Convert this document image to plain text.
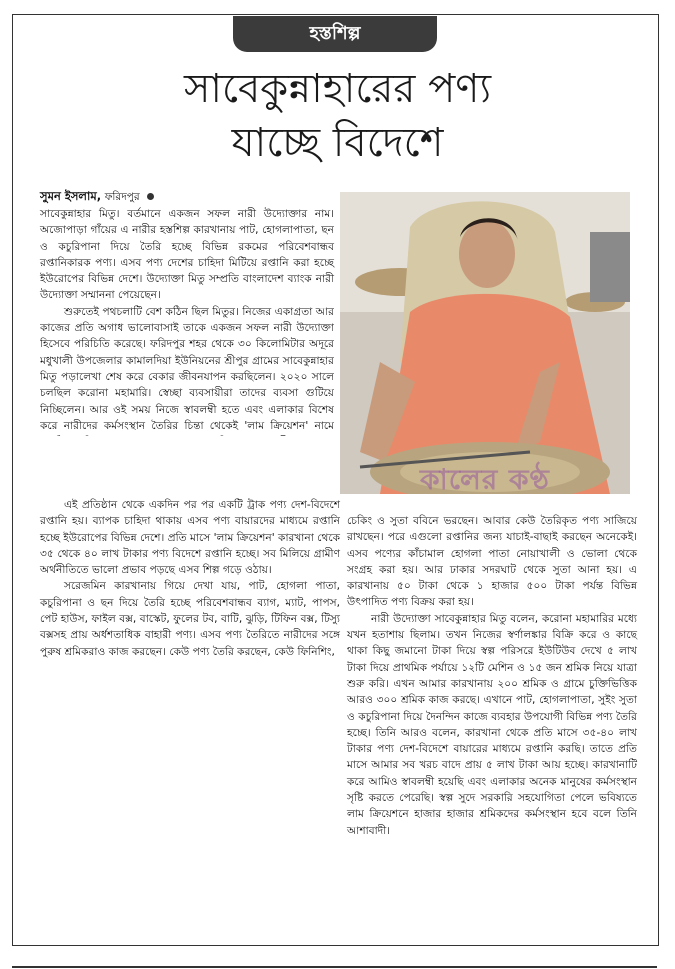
হস্তশিল্প
সাবেকুন্নাহারের পণ্য
যাচ্ছে বিদেশে
সুমন ইসলাম, ফরিদপুর

সাবেকুন্নাহার মিতু। বর্তমানে একজন সফল নারী উদ্যোক্তার নাম। অজোপাড়া গাঁয়ের এ নারীর হস্তশিল্প কারখানায় পাট, হোগলাপাতা, ছন ও কচুরিপানা দিয়ে তৈরি হচ্ছে বিভিন্ন রকমের পরিবেশবান্ধব রপ্তানিকারক পণ্য। এসব পণ্য দেশের চাহিদা মিটিয়ে রপ্তানি করা হচ্ছে ইউরোপের বিভিন্ন দেশে। উদ্যোক্তা মিতু সম্প্রতি বাংলাদেশ ব্যাংক নারী উদ্যোক্তা সম্মাননা পেয়েছেন।

শুরুতেই পথচলাটি বেশ কঠিন ছিল মিতুর। নিজের একাগ্রতা আর কাজের প্রতি অগাধ ভালোবাসাই তাকে একজন সফল নারী উদ্যোক্তা হিসেবে পরিচিতি করেছে। ফরিদপুর শহর থেকে ৩০ কিলোমিটার অদূরে মধুখালী উপজেলার কামালদিয়া ইউনিয়নের শ্রীপুর গ্রামের সাবেকুন্নাহার মিতু পড়ালেখা শেষ করে বেকার জীবনযাপন করছিলেন। ২০২০ সালে চলছিল করোনা মহামারি। স্বেচ্ছা ব্যবসায়ীরা তাদের ব্যবসা গুটিয়ে নিচ্ছিলেন। আর ওই সময় নিজে স্বাবলম্বী হতে এবং এলাকার বিশেষ করে নারীদের কর্মসংস্থান তৈরির চিন্তা থেকেই 'লাম ক্রিয়েশন' নামে

কালের কণ্ঠ

এই প্রতিষ্ঠান থেকে একদিন পর পর একটি ট্রাক পণ্য দেশ-বিদেশে রপ্তানি হয়। ব্যাপক চাহিদা থাকায় এসব পণ্য বায়ারদের মাধ্যমে রপ্তানি হচ্ছে ইউরোপের বিভিন্ন দেশে। প্রতি মাসে 'লাম ক্রিয়েশন' কারখানা থেকে ৩৫ থেকে ৪০ লাখ টাকার পণ্য বিদেশে রপ্তানি হচ্ছে। সব মিলিয়ে গ্রামীণ অর্থনীতিতে ভালো প্রভাব পড়ছে এসব শিল্প গড়ে ওঠায়।

সরেজমিন কারখানায় গিয়ে দেখা যায়, পাট, হোগলা পাতা, কচুরিপানা ও ছন দিয়ে তৈরি হচ্ছে পরিবেশবান্ধব ব্যাগ, ম্যাট, পাপস, পেট হাউস, ফাইল বক্স, বাস্কেট, ফুলের টব, বাটি, ঝুড়ি, টিফিন বক্স, টিস্যু বক্সসহ প্রায় অর্ধশতাধিক বাহারী পণ্য। এসব পণ্য তৈরিতে নারীদের সঙ্গে পুরুষ শ্রমিকরাও কাজ করছেন। কেউ পণ্য তৈরি করছেন, কেউ ফিনিশিং,

চেকিং ও সুতা ববিনে ভরছেন। আবার কেউ তৈরিকৃত পণ্য সাজিয়ে রাখছেন। পরে এগুলো রপ্তানির জন্য যাচাই-বাছাই করছেন অনেকেই। এসব পণ্যের কাঁচামাল হোগলা পাতা নোয়াখালী ও ভোলা থেকে সংগ্রহ করা হয়। আর ঢাকার সদরঘাট থেকে সুতা আনা হয়। এ কারখানায় ৫০ টাকা থেকে ১ হাজার ৫০০ টাকা পর্যন্ত বিভিন্ন উৎপাদিত পণ্য বিক্রয় করা হয়।

নারী উদ্যোক্তা সাবেকুন্নাহার মিতু বলেন, করোনা মহামারির মধ্যে যখন হতাশায় ছিলাম। তখন নিজের স্বর্ণালঙ্কার বিক্রি করে ও কাছে থাকা কিছু জমানো টাকা দিয়ে স্বল্প পরিসরে ইউটিউব দেখে ৫ লাখ টাকা দিয়ে প্রাথমিক পর্যায়ে ১২টি মেশিন ও ১৫ জন শ্রমিক নিয়ে যাত্রা শুরু করি। এখন আমার কারখানায় ২০০ শ্রমিক ও গ্রামে চুক্তিভিত্তিক আরও ৩০০ শ্রমিক কাজ করছে। এখানে পাট, হোগলাপাতা, সুইং সুতা ও কচুরিপানা দিয়ে দৈনন্দিন কাজে ব্যবহার উপযোগী বিভিন্ন পণ্য তৈরি হচ্ছে। তিনি আরও বলেন, কারখানা থেকে প্রতি মাসে ৩৫-৪০ লাখ টাকার পণ্য দেশ-বিদেশে বায়ারের মাধ্যমে রপ্তানি করছি। তাতে প্রতি মাসে আমার সব খরচ বাদে প্রায় ৫ লাখ টাকা আয় হচ্ছে। কারখানাটি করে আমিও স্বাবলম্বী হয়েছি এবং এলাকার অনেক মানুষের কর্মসংস্থান সৃষ্টি করতে পেরেছি। স্বল্প সুদে সরকারি সহযোগিতা পেলে ভবিষ্যতে লাম ক্রিয়েশনে হাজার হাজার শ্রমিকদের কর্মসংস্থান হবে বলে তিনি আশাবাদী।
